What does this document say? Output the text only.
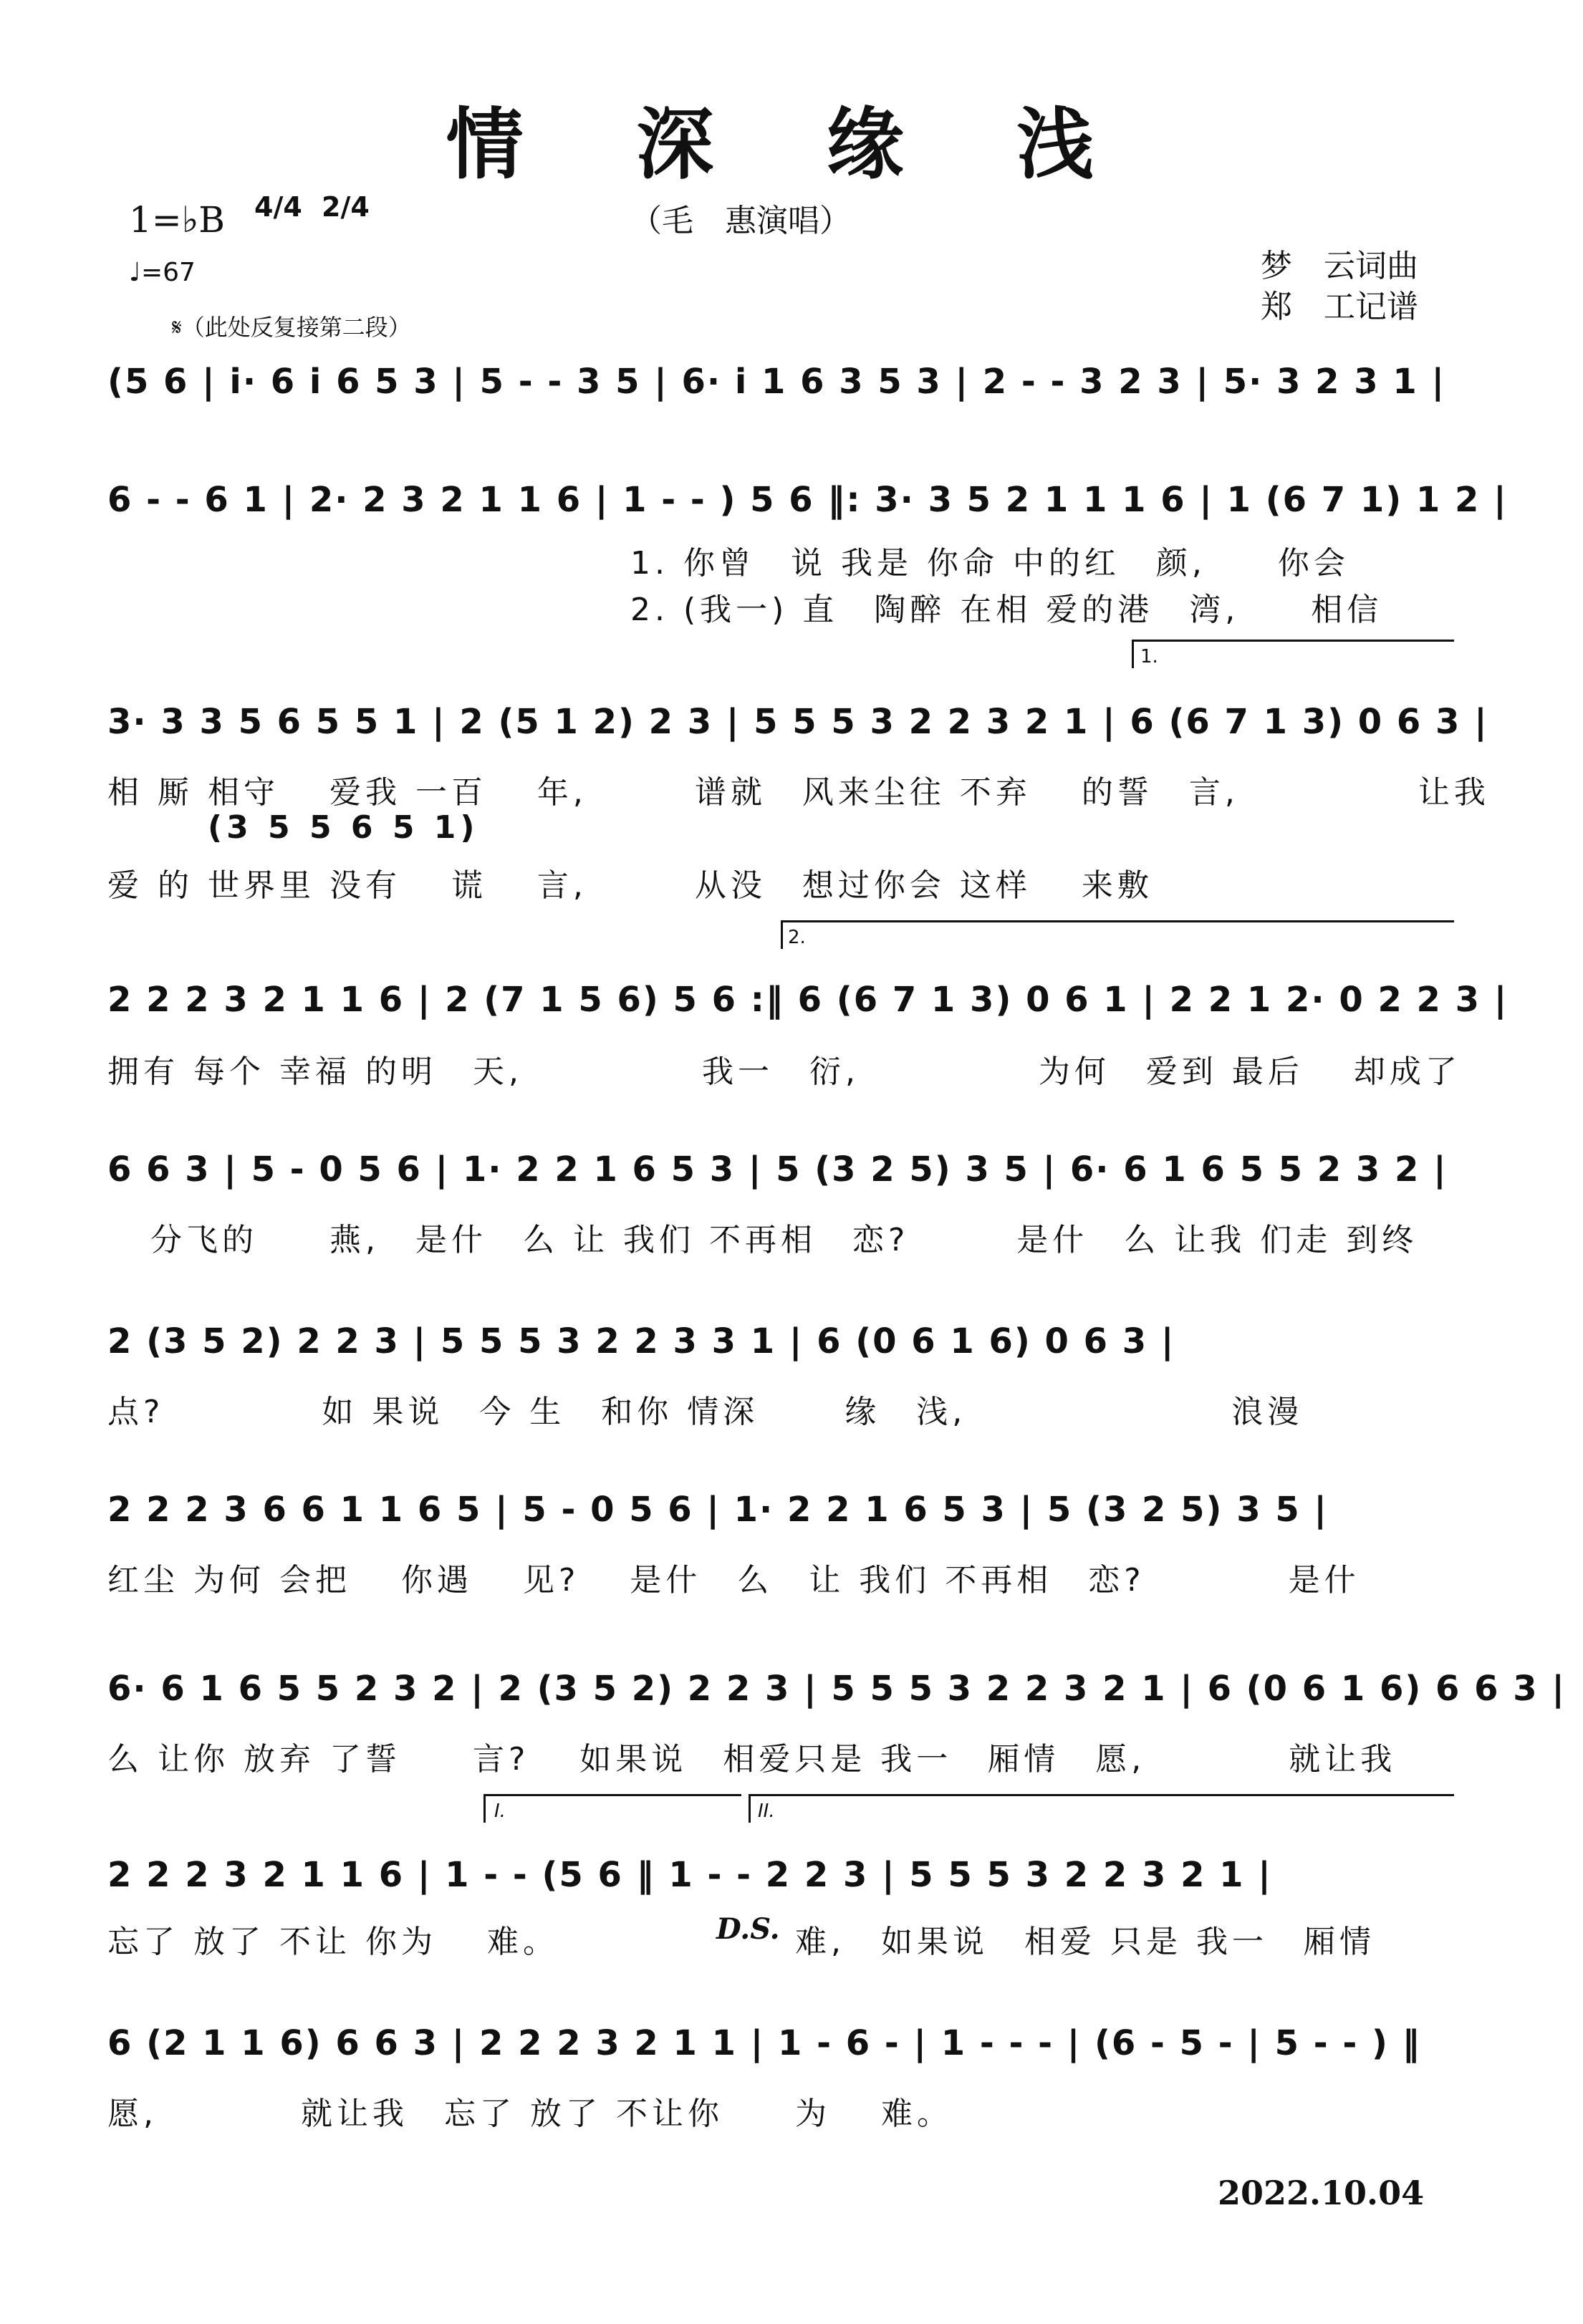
情 深 缘 浅
（毛　惠演唱）
1=♭B 4/4 2/4
♩=67	梦　云词曲
郑　工记谱
𝄋（此处反复接第二段）
(5 6 | i· 6 i 6 5 3 | 5 - - 3 5 | 6· i 1 6 3 5 3 | 2 - - 3 2 3 | 5· 3 2 3 1 |
6 - - 6 1 | 2· 2 3 2 1 1 6 | 1 - - ) 5 6 ‖: 3· 3 5 2 1 1 1 6 | 1 (6 7 1) 1 2 |
1. 你曾　说 我是 你命 中的红　颜,　　你会
2. (我一) 直　陶醉 在相 爱的港　湾,　　相信
1.
3· 3 3 5 6 5 5 1 | 2 (5 1 2) 2 3 | 5 5 5 3 2 2 3 2 1 | 6 (6 7 1 3) 0 6 3 |
相 厮 相守　 爱我 一百　 年,　　　谱就　风来尘往 不弃　 的誓　言,　　　　　让我
(3 5 5 6 5 1)
爱 的 世界里 没有　 谎　 言,　　　从没　想过你会 这样　 来敷
2.
2 2 2 3 2 1 1 6 | 2 (7 1 5 6) 5 6 :‖ 6 (6 7 1 3) 0 6 1 | 2 2 1 2· 0 2 2 3 |
拥有 每个 幸福 的明　天,　　　　　我一　衍,　　　　　为何　爱到 最后　 却成了
6 6 3 | 5 - 0 5 6 | 1· 2 2 1 6 5 3 | 5 (3 2 5) 3 5 | 6· 6 1 6 5 5 2 3 2 |
分飞的　　燕,　是什　么 让 我们 不再相　恋?　　　是什　么 让我 们走 到终
2 (3 5 2) 2 2 3 | 5 5 5 3 2 2 3 3 1 | 6 (0 6 1 6) 0 6 3 |
点?　　　　 如 果说　今 生　和你 情深　　 缘　浅,　　　　　　　 浪漫
2 2 2 3 6 6 1 1 6 5 | 5 - 0 5 6 | 1· 2 2 1 6 5 3 | 5 (3 2 5) 3 5 |
红尘 为何 会把　 你遇　 见?　 是什　么　让 我们 不再相　恋?　　　　是什
6· 6 1 6 5 5 2 3 2 | 2 (3 5 2) 2 2 3 | 5 5 5 3 2 2 3 2 1 | 6 (0 6 1 6) 6 6 3 |
么 让你 放弃 了誓　　言?　 如果说　相爱只是 我一　厢情　愿,　　　　就让我
I.	II.
2 2 2 3 2 1 1 6 | 1 - - (5 6 ‖ 1 - - 2 2 3 | 5 5 5 3 2 2 3 2 1 |
忘了 放了 不让 你为　 难。	D.S. 难,　如果说　相爱 只是 我一　厢情
6 (2 1 1 6) 6 6 3 | 2 2 2 3 2 1 1 | 1 - 6 - | 1 - - - | (6 - 5 - | 5 - - ) ‖
愿,　　　　就让我　忘了 放了 不让你　　为　 难。
2022.10.04
